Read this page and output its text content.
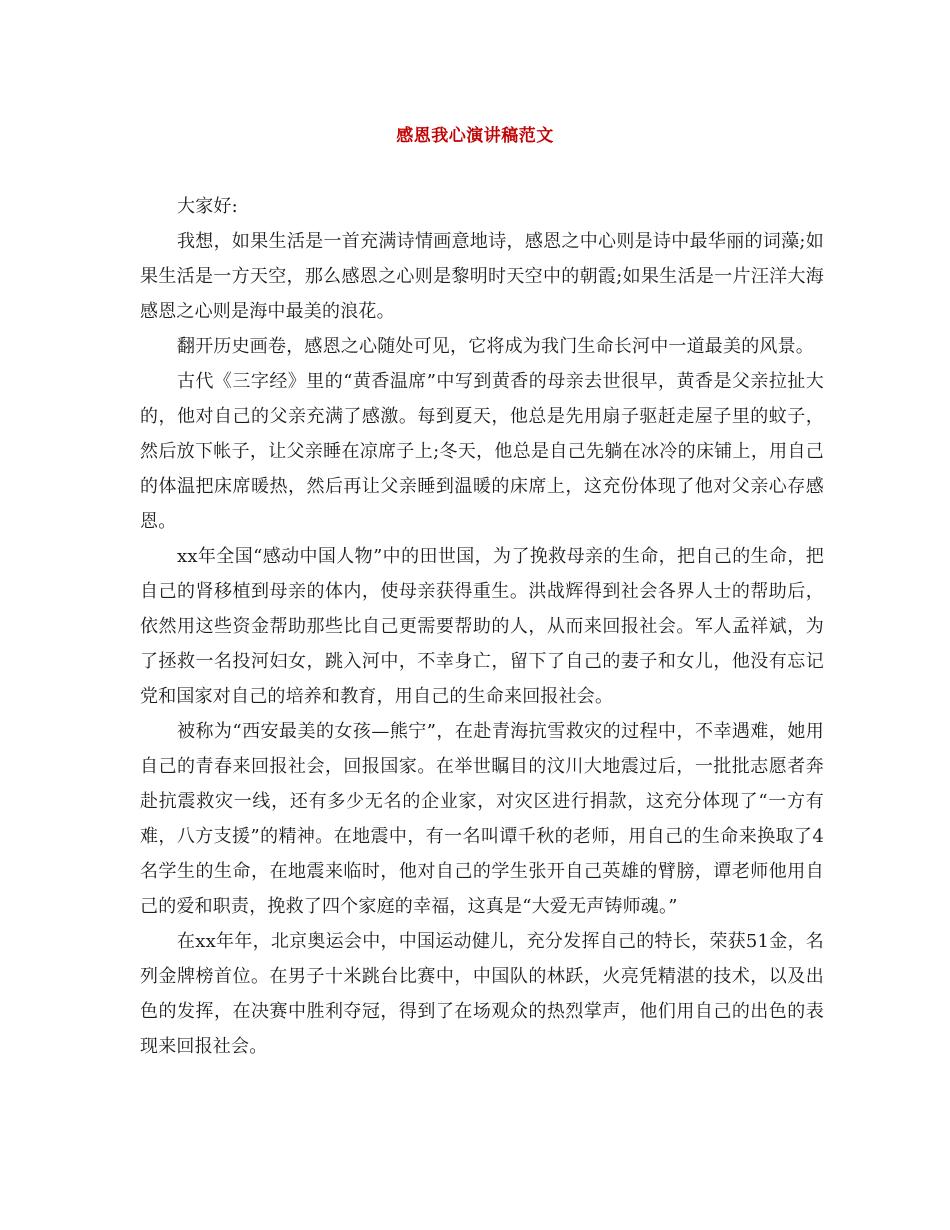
感恩我心演讲稿范文

大家好:

我想，如果生活是一首充满诗情画意地诗，感恩之中心则是诗中最华丽的词藻;如果生活是一方天空，那么感恩之心则是黎明时天空中的朝霞;如果生活是一片汪洋大海感恩之心则是海中最美的浪花。

翻开历史画卷，感恩之心随处可见，它将成为我门生命长河中一道最美的风景。

古代《三字经》里的“黄香温席”中写到黄香的母亲去世很早，黄香是父亲拉扯大的，他对自己的父亲充满了感激。每到夏天，他总是先用扇子驱赶走屋子里的蚊子，然后放下帐子，让父亲睡在凉席子上;冬天，他总是自己先躺在冰冷的床铺上，用自己的体温把床席暖热，然后再让父亲睡到温暖的床席上，这充份体现了他对父亲心存感恩。

xx年全国“感动中国人物”中的田世国，为了挽救母亲的生命，把自己的生命，把自己的肾移植到母亲的体内，使母亲获得重生。洪战辉得到社会各界人士的帮助后，依然用这些资金帮助那些比自己更需要帮助的人，从而来回报社会。军人孟祥斌，为了拯救一名投河妇女，跳入河中，不幸身亡，留下了自己的妻子和女儿，他没有忘记党和国家对自己的培养和教育，用自己的生命来回报社会。

被称为“西安最美的女孩—熊宁”，在赴青海抗雪救灾的过程中，不幸遇难，她用自己的青春来回报社会，回报国家。在举世瞩目的汶川大地震过后，一批批志愿者奔赴抗震救灾一线，还有多少无名的企业家，对灾区进行捐款，这充分体现了“一方有难，八方支援”的精神。在地震中，有一名叫谭千秋的老师，用自己的生命来换取了4名学生的生命，在地震来临时，他对自己的学生张开自己英雄的臂膀，谭老师他用自己的爱和职责，挽救了四个家庭的幸福，这真是“大爱无声铸师魂。”

在xx年年，北京奥运会中，中国运动健儿，充分发挥自己的特长，荣获51金，名列金牌榜首位。在男子十米跳台比赛中，中国队的林跃，火亮凭精湛的技术，以及出色的发挥，在决赛中胜利夺冠，得到了在场观众的热烈掌声，他们用自己的出色的表现来回报社会。
